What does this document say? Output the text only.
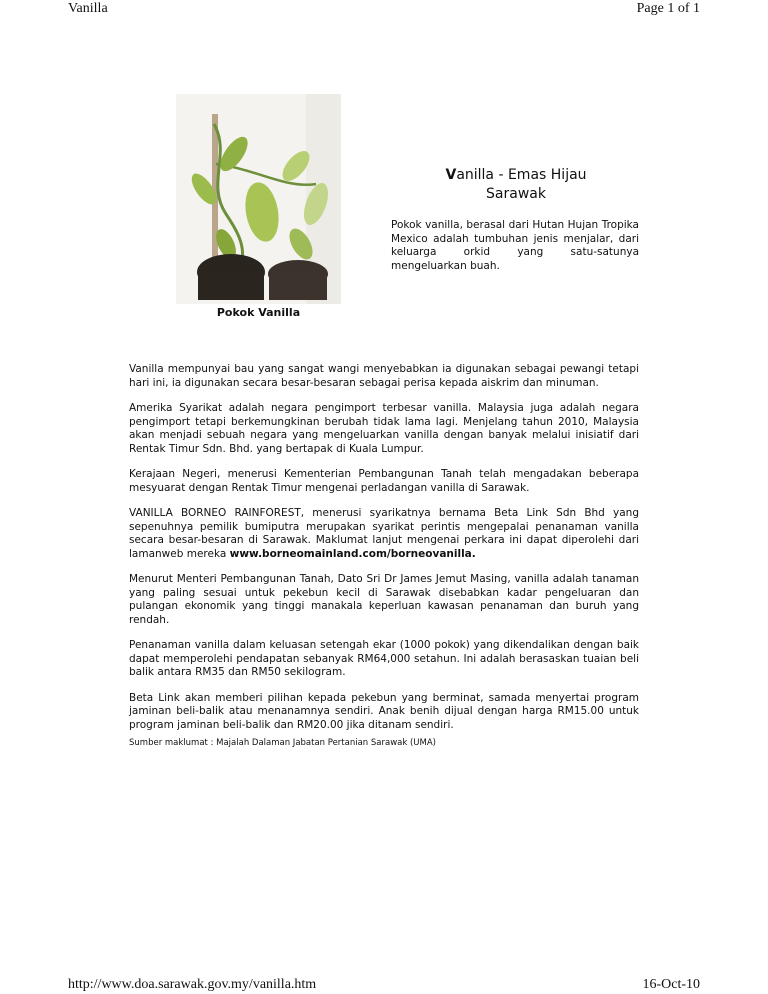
Vanilla	Page 1 of 1
Pokok Vanilla
Vanilla - Emas Hijau
Sarawak
Pokok vanilla, berasal dari Hutan Hujan Tropika Mexico adalah tumbuhan jenis menjalar, dari keluarga orkid yang satu-satunya mengeluarkan buah.

Vanilla mempunyai bau yang sangat wangi menyebabkan ia digunakan sebagai pewangi tetapi hari ini, ia digunakan secara besar-besaran sebagai perisa kepada aiskrim dan minuman.

Amerika Syarikat adalah negara pengimport terbesar vanilla. Malaysia juga adalah negara pengimport tetapi berkemungkinan berubah tidak lama lagi. Menjelang tahun 2010, Malaysia akan menjadi sebuah negara yang mengeluarkan vanilla dengan banyak melalui inisiatif dari Rentak Timur Sdn. Bhd. yang bertapak di Kuala Lumpur.

Kerajaan Negeri, menerusi Kementerian Pembangunan Tanah telah mengadakan beberapa mesyuarat dengan Rentak Timur mengenai perladangan vanilla di Sarawak.

VANILLA BORNEO RAINFOREST, menerusi syarikatnya bernama Beta Link Sdn Bhd yang sepenuhnya pemilik bumiputra merupakan syarikat perintis mengepalai penanaman vanilla secara besar-besaran di Sarawak. Maklumat lanjut mengenai perkara ini dapat diperolehi dari lamanweb mereka www.borneomainland.com/borneovanilla.

Menurut Menteri Pembangunan Tanah, Dato Sri Dr James Jemut Masing, vanilla adalah tanaman yang paling sesuai untuk pekebun kecil di Sarawak disebabkan kadar pengeluaran dan pulangan ekonomik yang tinggi manakala keperluan kawasan penanaman dan buruh yang rendah.

Penanaman vanilla dalam keluasan setengah ekar (1000 pokok) yang dikendalikan dengan baik dapat memperolehi pendapatan sebanyak RM64,000 setahun. Ini adalah berasaskan tuaian beli balik antara RM35 dan RM50 sekilogram.

Beta Link akan memberi pilihan kepada pekebun yang berminat, samada menyertai program jaminan beli-balik atau menanamnya sendiri. Anak benih dijual dengan harga RM15.00 untuk program jaminan beli-balik dan RM20.00 jika ditanam sendiri.

Sumber maklumat : Majalah Dalaman Jabatan Pertanian Sarawak (UMA)

http://www.doa.sarawak.gov.my/vanilla.htm	16-Oct-10
